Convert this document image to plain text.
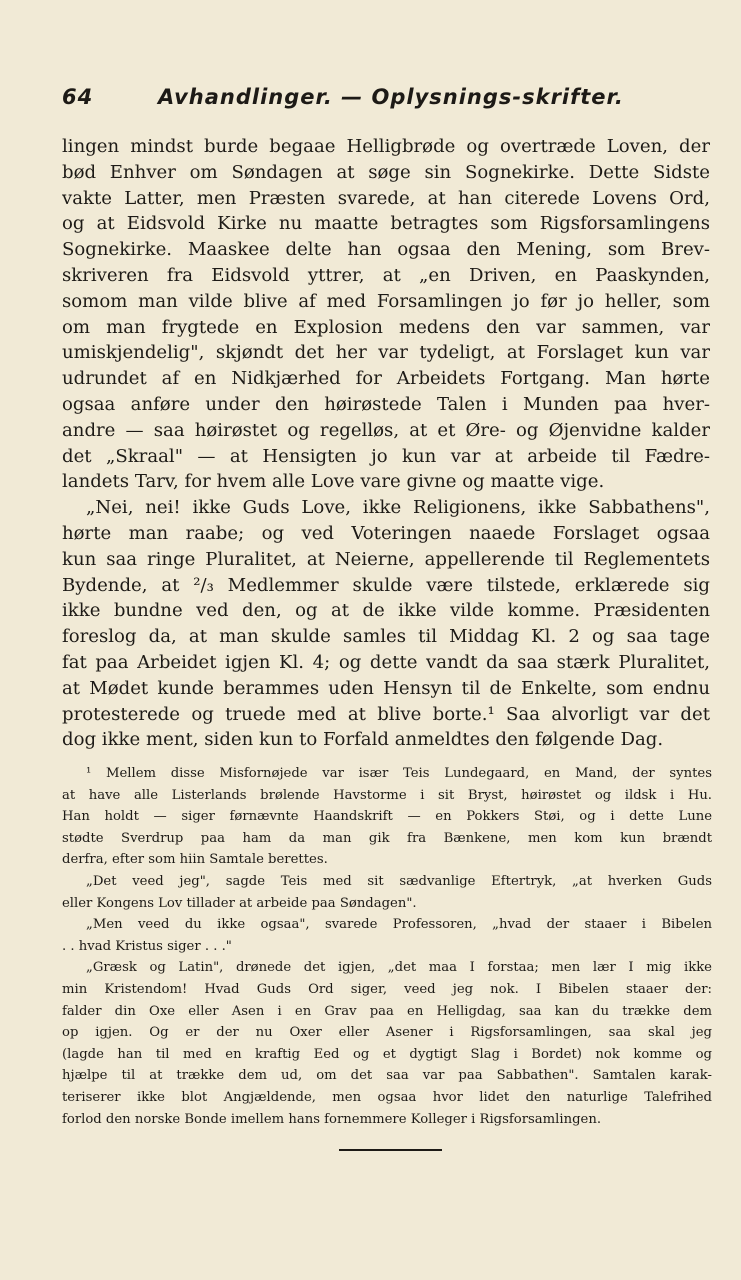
64	Avhandlinger. — Oplysnings-skrifter.
lingen mindst burde begaae Helligbrøde og overtræde Loven, der
bød Enhver om Søndagen at søge sin Sognekirke. Dette Sidste
vakte Latter, men Præsten svarede, at han citerede Lovens Ord,
og at Eidsvold Kirke nu maatte betragtes som Rigsforsamlingens
Sognekirke. Maaskee delte han ogsaa den Mening, som Brev-
skriveren fra Eidsvold yttrer, at „en Driven, en Paaskynden,
somom man vilde blive af med Forsamlingen jo før jo heller, som
om man frygtede en Explosion medens den var sammen, var
umiskjendelig", skjøndt det her var tydeligt, at Forslaget kun var
udrundet af en Nidkjærhed for Arbeidets Fortgang. Man hørte
ogsaa anføre under den høirøstede Talen i Munden paa hver-
andre — saa høirøstet og regelløs, at et Øre- og Øjenvidne kalder
det „Skraal" — at Hensigten jo kun var at arbeide til Fædre-
landets Tarv, for hvem alle Love vare givne og maatte vige.
„Nei, nei! ikke Guds Love, ikke Religionens, ikke Sabbathens",
hørte man raabe; og ved Voteringen naaede Forslaget ogsaa
kun saa ringe Pluralitet, at Neierne, appellerende til Reglementets
Bydende, at ²/₃ Medlemmer skulde være tilstede, erklærede sig
ikke bundne ved den, og at de ikke vilde komme. Præsidenten
foreslog da, at man skulde samles til Middag Kl. 2 og saa tage
fat paa Arbeidet igjen Kl. 4; og dette vandt da saa stærk Pluralitet,
at Mødet kunde berammes uden Hensyn til de Enkelte, som endnu
protesterede og truede med at blive borte.¹ Saa alvorligt var det
dog ikke ment, siden kun to Forfald anmeldtes den følgende Dag.
¹ Mellem disse Misfornøjede var især Teis Lundegaard, en Mand, der syntes
at have alle Listerlands brølende Havstorme i sit Bryst, høirøstet og ildsk i Hu.
Han holdt — siger førnævnte Haandskrift — en Pokkers Støi, og i dette Lune
stødte Sverdrup paa ham da man gik fra Bænkene, men kom kun brændt
derfra, efter som hiin Samtale berettes.
„Det veed jeg", sagde Teis med sit sædvanlige Eftertryk, „at hverken Guds
eller Kongens Lov tillader at arbeide paa Søndagen".
„Men veed du ikke ogsaa", svarede Professoren, „hvad der staaer i Bibelen
. . hvad Kristus siger . . ."
„Græsk og Latin", drønede det igjen, „det maa I forstaa; men lær I mig ikke
min Kristendom! Hvad Guds Ord siger, veed jeg nok. I Bibelen staaer der:
falder din Oxe eller Asen i en Grav paa en Helligdag, saa kan du trække dem
op igjen. Og er der nu Oxer eller Asener i Rigsforsamlingen, saa skal jeg
(lagde han til med en kraftig Eed og et dygtigt Slag i Bordet) nok komme og
hjælpe til at trække dem ud, om det saa var paa Sabbathen". Samtalen karak-
teriserer ikke blot Angjældende, men ogsaa hvor lidet den naturlige Talefrihed
forlod den norske Bonde imellem hans fornemmere Kolleger i Rigsforsamlingen.
